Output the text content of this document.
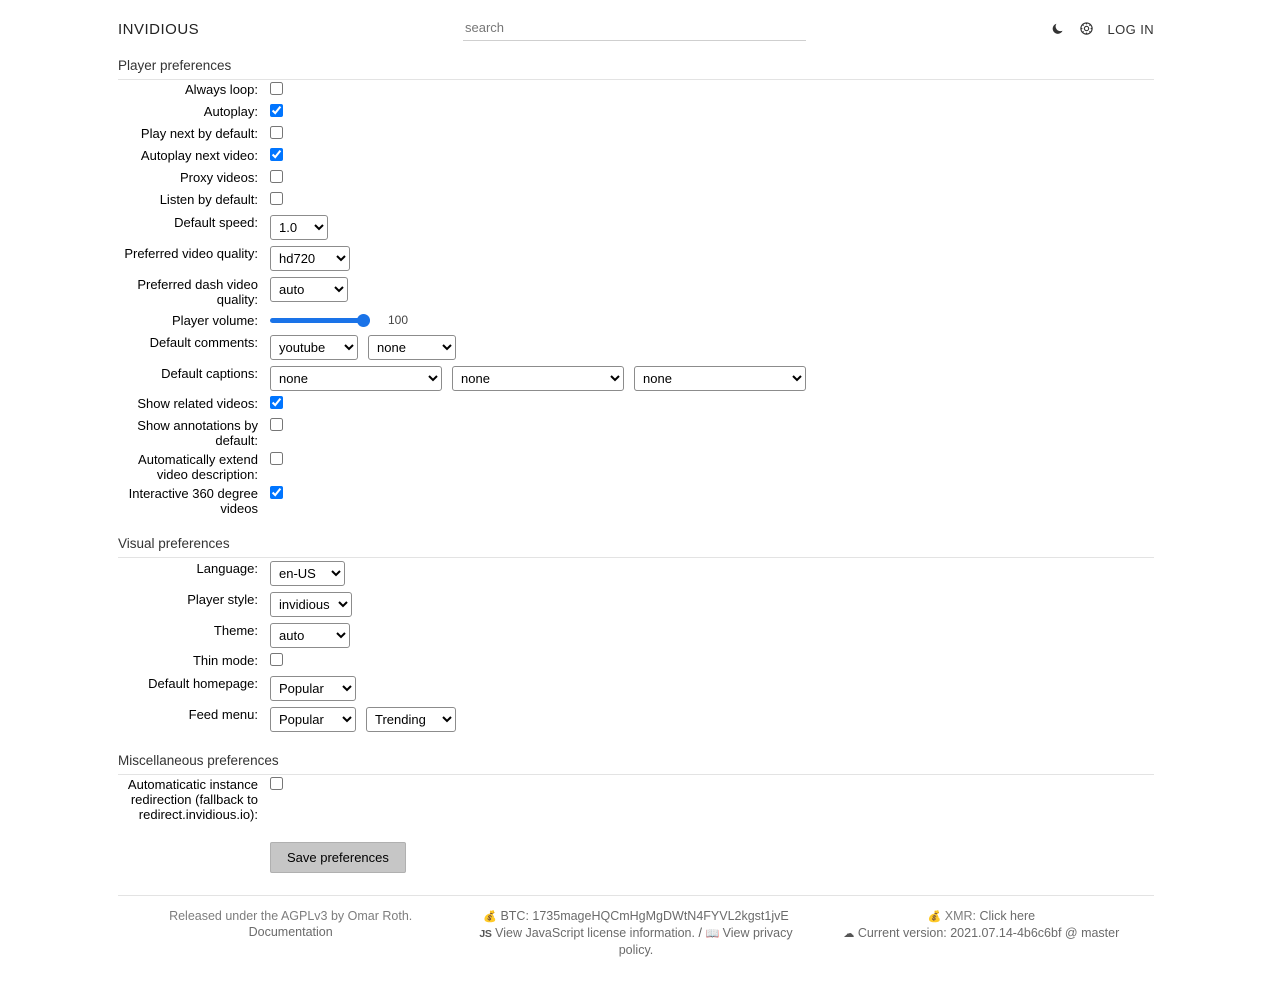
INVIDIOUS
search	LOG IN
Player preferences
Always loop:
Autoplay:
Play next by default:
Autoplay next video:
Proxy videos:
Listen by default:
Default speed:
1.0
Preferred video quality:
hd720
Preferred dash video quality:
auto
Player volume:	100
Default comments:
youtube
none
Default captions:
none
none
none
Show related videos:
Show annotations by default:
Automatically extend video description:
Interactive 360 degree videos
Visual preferences
Language:
en-US
Player style:
invidious
Theme:
auto
Thin mode:
Default homepage:
Popular
Feed menu:
Popular
Trending
Miscellaneous preferences
Automaticatic instance redirection (fallback to redirect.invidious.io):
Save preferences
Released under the AGPLv3 by Omar Roth.
Documentation
💰 BTC: 1735mageHQCmHgMgDWtN4FYVL2kgst1jvE
JS View JavaScript license information. / 📖 View privacy policy.
💰 XMR: Click here
☁ Current version: 2021.07.14-4b6c6bf @ master
